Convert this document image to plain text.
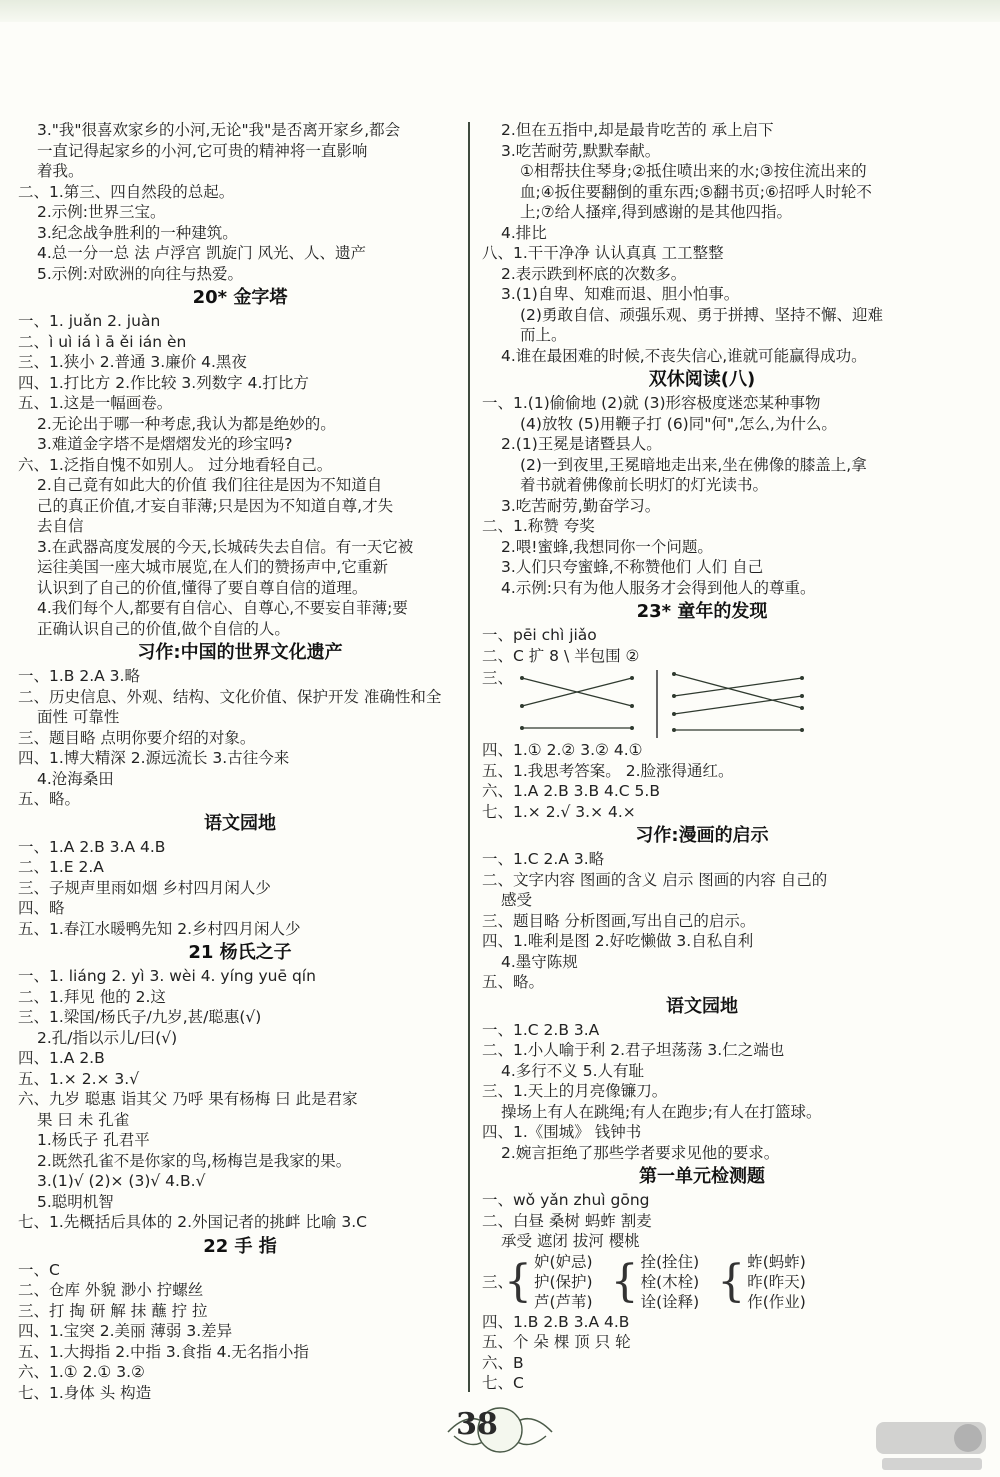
3."我"很喜欢家乡的小河,无论"我"是否离开家乡,都会
一直记得起家乡的小河,它可贵的精神将一直影响
着我。
二、1.第三、四自然段的总起。
2.示例:世界三宝。
3.纪念战争胜利的一种建筑。
4.总一分一总 法 卢浮宫 凯旋门 风光、人、遗产
5.示例:对欧洲的向往与热爱。
20* 金字塔
一、1. juǎn 2. juàn
二、ì uì iá ì ā ěi ián èn
三、1.狭小 2.普通 3.廉价 4.黑夜
四、1.打比方 2.作比较 3.列数字 4.打比方
五、1.这是一幅画卷。
2.无论出于哪一种考虑,我认为都是绝妙的。
3.难道金字塔不是熠熠发光的珍宝吗?
六、1.泛指自愧不如别人。 过分地看轻自己。
2.自己竟有如此大的价值 我们往往是因为不知道自
己的真正价值,才妄自菲薄;只是因为不知道自尊,才失
去自信
3.在武器高度发展的今天,长城砖失去自信。有一天它被
运往美国一座大城市展览,在人们的赞扬声中,它重新
认识到了自己的价值,懂得了要自尊自信的道理。
4.我们每个人,都要有自信心、自尊心,不要妄自菲薄;要
正确认识自己的价值,做个自信的人。
习作:中国的世界文化遗产
一、1.B 2.A 3.略
二、历史信息、外观、结构、文化价值、保护开发 准确性和全
面性 可靠性
三、题目略 点明你要介绍的对象。
四、1.博大精深 2.源远流长 3.古往今来
4.沧海桑田
五、略。
语文园地
一、1.A 2.B 3.A 4.B
二、1.E 2.A
三、子规声里雨如烟 乡村四月闲人少
四、略
五、1.春江水暖鸭先知 2.乡村四月闲人少
21 杨氏之子
一、1. liáng 2. yì 3. wèi 4. yíng yuē qín
二、1.拜见 他的 2.这
三、1.梁国/杨氏子/九岁,甚/聪惠(√)
2.孔/指以示儿/曰(√)
四、1.A 2.B
五、1.× 2.× 3.√
六、九岁 聪惠 诣其父 乃呼 果有杨梅 曰 此是君家
果 曰 未 孔雀
1.杨氏子 孔君平
2.既然孔雀不是你家的鸟,杨梅岂是我家的果。
3.(1)√ (2)× (3)√ 4.B.√
5.聪明机智
七、1.先概括后具体的 2.外国记者的挑衅 比喻 3.C
22 手 指
一、C
二、仓库 外貌 渺小 拧螺丝
三、打 掏 研 解 抹 蘸 拧 拉
四、1.宝突 2.美丽 薄弱 3.差异
五、1.大拇指 2.中指 3.食指 4.无名指小指
六、1.① 2.① 3.②
七、1.身体 头 构造
2.但在五指中,却是最肯吃苦的 承上启下
3.吃苦耐劳,默默奉献。
①相帮扶住琴身;②抵住喷出来的水;③按住流出来的
血;④扳住要翻倒的重东西;⑤翻书页;⑥招呼人时轮不
上;⑦给人搔痒,得到感谢的是其他四指。
4.排比
八、1.干干净净 认认真真 工工整整
2.表示跌到杯底的次数多。
3.(1)自卑、知难而退、胆小怕事。
(2)勇敢自信、顽强乐观、勇于拼搏、坚持不懈、迎难
而上。
4.谁在最困难的时候,不丧失信心,谁就可能赢得成功。
双休阅读(八)
一、1.(1)偷偷地 (2)就 (3)形容极度迷恋某种事物
(4)放牧 (5)用鞭子打 (6)同"何",怎么,为什么。
2.(1)王冕是诸暨县人。
(2)一到夜里,王冕暗地走出来,坐在佛像的膝盖上,拿
着书就着佛像前长明灯的灯光读书。
3.吃苦耐劳,勤奋学习。
二、1.称赞 夸奖
2.喂!蜜蜂,我想同你一个问题。
3.人们只夸蜜蜂,不称赞他们 人们 自己
4.示例:只有为他人服务才会得到他人的尊重。
23* 童年的发现
一、pēi chì jiǎo
二、C 扩 8 \ 半包围 ②
三、
四、1.① 2.② 3.② 4.①
五、1.我思考答案。 2.脸涨得通红。
六、1.A 2.B 3.B 4.C 5.B
七、1.× 2.√ 3.× 4.×
习作:漫画的启示
一、1.C 2.A 3.略
二、文字内容 图画的含义 启示 图画的内容 自己的
感受
三、题目略 分析图画,写出自己的启示。
四、1.唯利是图 2.好吃懒做 3.自私自利
4.墨守陈规
五、略。
语文园地
一、1.C 2.B 3.A
二、1.小人喻于利 2.君子坦荡荡 3.仁之端也
4.多行不义 5.人有耻
三、1.天上的月亮像镰刀。
操场上有人在跳绳;有人在跑步;有人在打篮球。
四、1.《围城》 钱钟书
2.婉言拒绝了那些学者要求见他的要求。
第一单元检测题
一、wǒ yǎn zhuì gōng
二、白昼 桑树 蚂蚱 割麦
承受 遮闭 拔河 樱桃
三、
{ 妒(妒忌)
护(保护)
芦(芦苇) { 拴(拴住)
栓(木栓)
诠(诠释) { 蚱(蚂蚱)
昨(昨天)
作(作业)
四、1.B 2.B 3.A 4.B
五、个 朵 棵 顶 只 轮
六、B
七、C
38
